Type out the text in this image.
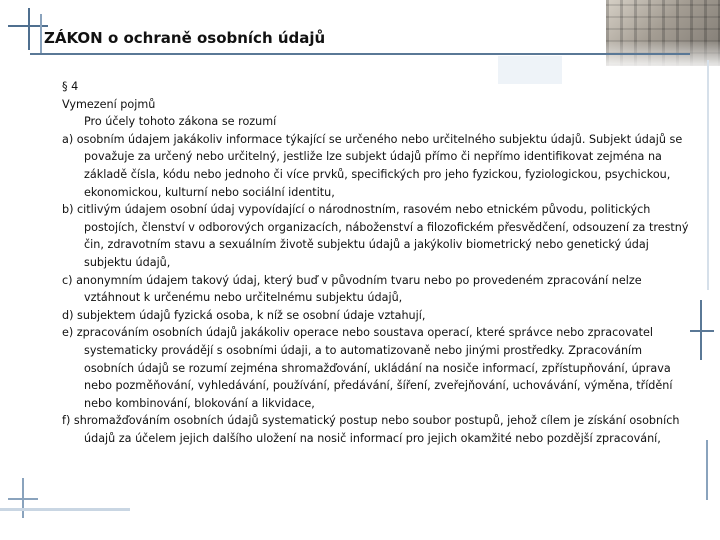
ZÁKON o ochraně osobních údajů

§ 4

Vymezení pojmů

Pro účely tohoto zákona se rozumí

a) osobním údajem jakákoliv informace týkající se určeného nebo určitelného subjektu údajů. Subjekt údajů se považuje za určený nebo určitelný, jestliže lze subjekt údajů přímo či nepřímo identifikovat zejména na základě čísla, kódu nebo jednoho či více prvků, specifických pro jeho fyzickou, fyziologickou, psychickou, ekonomickou, kulturní nebo sociální identitu,

b) citlivým údajem osobní údaj vypovídající o národnostním, rasovém nebo etnickém původu, politických postojích, členství v odborových organizacích, náboženství a filozofickém přesvědčení, odsouzení za trestný čin, zdravotním stavu a sexuálním životě subjektu údajů a jakýkoliv biometrický nebo genetický údaj subjektu údajů,

c) anonymním údajem takový údaj, který buď v původním tvaru nebo po provedeném zpracování nelze vztáhnout k určenému nebo určitelnému subjektu údajů,

d) subjektem údajů fyzická osoba, k níž se osobní údaje vztahují,

e) zpracováním osobních údajů jakákoliv operace nebo soustava operací, které správce nebo zpracovatel systematicky provádějí s osobními údaji, a to automatizovaně nebo jinými prostředky. Zpracováním osobních údajů se rozumí zejména shromažďování, ukládání na nosiče informací, zpřístupňování, úprava nebo pozměňování, vyhledávání, používání, předávání, šíření, zveřejňování, uchovávání, výměna, třídění nebo kombinování, blokování a likvidace,

f) shromažďováním osobních údajů systematický postup nebo soubor postupů, jehož cílem je získání osobních údajů za účelem jejich dalšího uložení na nosič informací pro jejich okamžité nebo pozdější zpracování,
